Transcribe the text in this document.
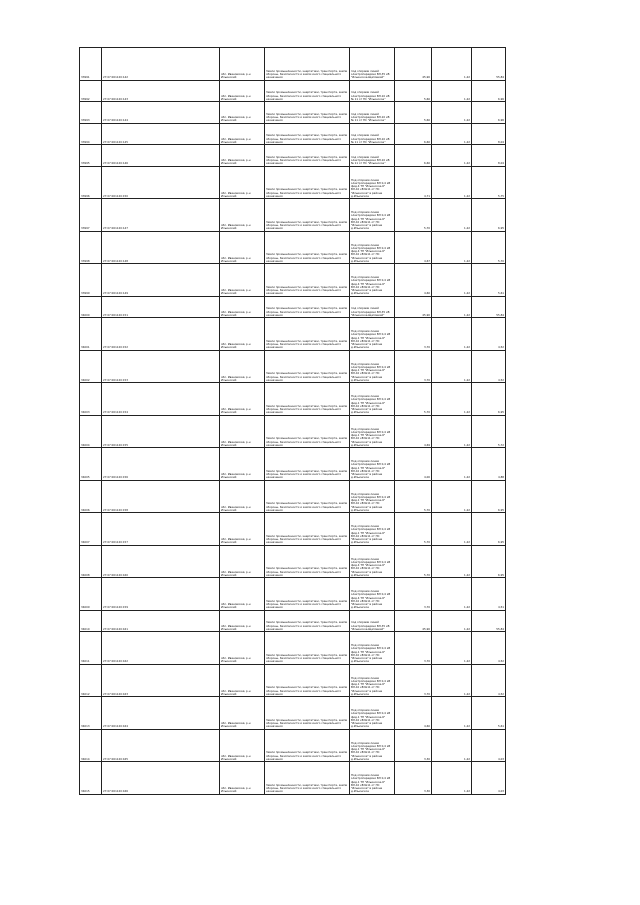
33991	27:07:001120:142	обл. Ивановская, р-н Ильинский	Земли промышленности, энергетики, транспорта, земли обороны, безопасности и земли иного специального назначения	под опорами линий электропередачи ВЛ-35 кВ "Ильинское-Щаповкий"	45,90	1,22	55,84
33992	27:07:001120:143	обл. Ивановская, р-н Ильинский	Земли промышленности, энергетики, транспорта, земли обороны, безопасности и земли иного специального назначения	под опорами линий электропередачи ВЛ-10 кВ № 11 от ПС "Ильинское"	5,60	1,22	6,96
33993	27:07:001120:144	обл. Ивановская, р-н Ильинский	Земли промышленности, энергетики, транспорта, земли обороны, безопасности и земли иного специального назначения	под опорами линий электропередачи ВЛ-10 кВ № 11 от ПС "Ильинское"	5,60	1,22	6,96
33994	27:07:001120:145	обл. Ивановская, р-н Ильинский	Земли промышленности, энергетики, транспорта, земли обороны, безопасности и земли иного специального назначения	под опорами линий электропередачи ВЛ-10 кВ № 11 от ПС "Ильинское"	6,60	1,22	8,04
33995	27:07:001120:146	обл. Ивановская, р-н Ильинский	Земли промышленности, энергетики, транспорта, земли обороны, безопасности и земли иного специального назначения	под опорами линий электропередачи ВЛ-10 кВ № 11 от ПС "Ильинское"	6,60	1,22	8,04
33996	27:07:001120:150	обл. Ивановская, р-н Ильинский	Земли промышленности, энергетики, транспорта, земли обороны, безопасности и земли иного специального назначения	Под опорами линии электропередачи ВЛ 0,4 кВ фид.4 ТП "Ильинское-6" ВЛ-10 кВ №11 от ПС "Ильинское" в районе д.Ильинское	4,71	1,22	5,75
33997	27:07:001120:147	обл. Ивановская, р-н Ильинский	Земли промышленности, энергетики, транспорта, земли обороны, безопасности и земли иного специального назначения	Под опорами линии электропередачи ВЛ 0,4 кВ фид.4 ТП "Ильинское-6" ВЛ-10 кВ №11 от ПС "Ильинское" в районе д.Ильинское	5,70	1,22	6,95
33998	27:07:001120:148	обл. Ивановская, р-н Ильинский	Земли промышленности, энергетики, транспорта, земли обороны, безопасности и земли иного специального назначения	Под опорами линии электропередачи ВЛ 0,4 кВ фид.4 ТП "Ильинское-6" ВЛ-10 кВ №11 от ПС "Ильинское" в районе д.Ильинское	4,67	1,22	5,70
33999	27:07:001120:149	обл. Ивановская, р-н Ильинский	Земли промышленности, энергетики, транспорта, земли обороны, безопасности и земли иного специального назначения	Под опорами линии электропередачи ВЛ 0,4 кВ фид.4 ТП "Ильинское-6" ВЛ-10 кВ №11 от ПС "Ильинское" в районе д.Ильинское	4,60	1,22	5,61
34000	27:07:001120:151	обл. Ивановская, р-н Ильинский	Земли промышленности, энергетики, транспорта, земли обороны, безопасности и земли иного специального назначения	под опорами линий электропередачи ВЛ-35 кВ "Ильинское-Щаповкий"	45,90	1,22	55,84
34001	27:07:001120:152	обл. Ивановская, р-н Ильинский	Земли промышленности, энергетики, транспорта, земли обороны, безопасности и земли иного специального назначения	Под опорами линии электропередачи ВЛ 0,4 кВ фид.1 ТП "Ильинское-6" ВЛ-10 кВ №11 от ПС "Ильинское" в районе д.Ильинское	3,70	1,22	4,52
34002	27:07:001120:153	обл. Ивановская, р-н Ильинский	Земли промышленности, энергетики, транспорта, земли обороны, безопасности и земли иного специального назначения	Под опорами линии электропередачи ВЛ 0,4 кВ фид.1 ТП "Ильинское-6" ВЛ-10 кВ №11 от ПС "Ильинское" в районе д.Ильинское	3,70	1,22	4,52
34003	27:07:001120:154	обл. Ивановская, р-н Ильинский	Земли промышленности, энергетики, транспорта, земли обороны, безопасности и земли иного специального назначения	Под опорами линии электропередачи ВЛ 0,4 кВ фид.1 ТП "Ильинское-6" ВЛ-10 кВ №11 от ПС "Ильинское" в районе д.Ильинское	5,70	1,22	6,95
34004	27:07:001120:155	обл. Ивановская, р-н Ильинский	Земли промышленности, энергетики, транспорта, земли обороны, безопасности и земли иного специального назначения	Под опорами линии электропередачи ВЛ 0,4 кВ фид.1 ТП "Ильинское-6" ВЛ-10 кВ №11 от ПС "Ильинское" в районе д.Ильинское	4,69	1,22	5,72
34005	27:07:001120:156	обл. Ивановская, р-н Ильинский	Земли промышленности, энергетики, транспорта, земли обороны, безопасности и земли иного специального назначения	Под опорами линии электропередачи ВЛ 0,4 кВ фид.1 ТП "Ильинское-6" ВЛ-10 кВ №11 от ПС "Ильинское" в районе д.Ильинское	4,00	1,22	4,88
34006	27:07:001120:158	обл. Ивановская, р-н Ильинский	Земли промышленности, энергетики, транспорта, земли обороны, безопасности и земли иного специального назначения	Под опорами линии электропередачи ВЛ 0,4 кВ фид.1 ТП "Ильинское-6" ВЛ-10 кВ №11 от ПС "Ильинское" в районе д.Ильинское	5,70	1,22	6,95
34007	27:07:001120:157	обл. Ивановская, р-н Ильинский	Земли промышленности, энергетики, транспорта, земли обороны, безопасности и земли иного специального назначения	Под опорами линии электропередачи ВЛ 0,4 кВ фид.1 ТП "Ильинское-6" ВЛ-10 кВ №11 от ПС "Ильинское" в районе д.Ильинское	5,70	1,22	6,95
34008	27:07:001120:160	обл. Ивановская, р-н Ильинский	Земли промышленности, энергетики, транспорта, земли обороны, безопасности и земли иного специального назначения	Под опорами линии электропередачи ВЛ 0,4 кВ фид.4 ТП "Ильинское-6" ВЛ-10 кВ №11 от ПС "Ильинское" в районе д.Ильинское	5,70	1,22	6,95
34009	27:07:001120:159	обл. Ивановская, р-н Ильинский	Земли промышленности, энергетики, транспорта, земли обороны, безопасности и земли иного специального назначения	Под опорами линии электропередачи ВЛ 0,4 кВ фид.4 ТП "Ильинское-6" ВЛ-10 кВ №11 от ПС "Ильинское" в районе д.Ильинское	3,70	1,22	4,51
34010	27:07:001120:161	обл. Ивановская, р-н Ильинский	Земли промышленности, энергетики, транспорта, земли обороны, безопасности и земли иного специального назначения	под опорами линий электропередачи ВЛ-35 кВ "Ильинское-Щаповкий"	45,90	1,22	55,84
34011	27:07:001120:162	обл. Ивановская, р-н Ильинский	Земли промышленности, энергетики, транспорта, земли обороны, безопасности и земли иного специального назначения	Под опорами линии электропередачи ВЛ 0,4 кВ фид.1 ТП "Ильинское-6" ВЛ-10 кВ №11 от ПС "Ильинское" в районе д.Ильинское	3,70	1,22	4,52
34012	27:07:001120:163	обл. Ивановская, р-н Ильинский	Земли промышленности, энергетики, транспорта, земли обороны, безопасности и земли иного специального назначения	Под опорами линии электропередачи ВЛ 0,4 кВ фид.1 ТП "Ильинское-6" ВЛ-10 кВ №11 от ПС "Ильинское" в районе д.Ильинское	3,70	1,22	4,52
34013	27:07:001120:164	обл. Ивановская, р-н Ильинский	Земли промышленности, энергетики, транспорта, земли обороны, безопасности и земли иного специального назначения	Под опорами линии электропередачи ВЛ 0,4 кВ фид.1 ТП "Ильинское-6" ВЛ-10 кВ №11 от ПС "Ильинское" в районе д.Ильинское	4,60	1,22	5,61
34014	27:07:001120:165	обл. Ивановская, р-н Ильинский	Земли промышленности, энергетики, транспорта, земли обороны, безопасности и земли иного специального назначения	Под опорами линии электропередачи ВЛ 0,4 кВ фид.1 ТП "Ильинское-6" ВЛ-10 кВ №11 от ПС "Ильинское" в районе д.Ильинское	3,30	1,22	4,03
34015	27:07:001120:166	обл. Ивановская, р-н Ильинский	Земли промышленности, энергетики, транспорта, земли обороны, безопасности и земли иного специального назначения	Под опорами линии электропередачи ВЛ 0,4 кВ фид.1 ТП "Ильинское-6" ВЛ-10 кВ №11 от ПС "Ильинское" в районе д.Ильинское	3,30	1,22	4,03
